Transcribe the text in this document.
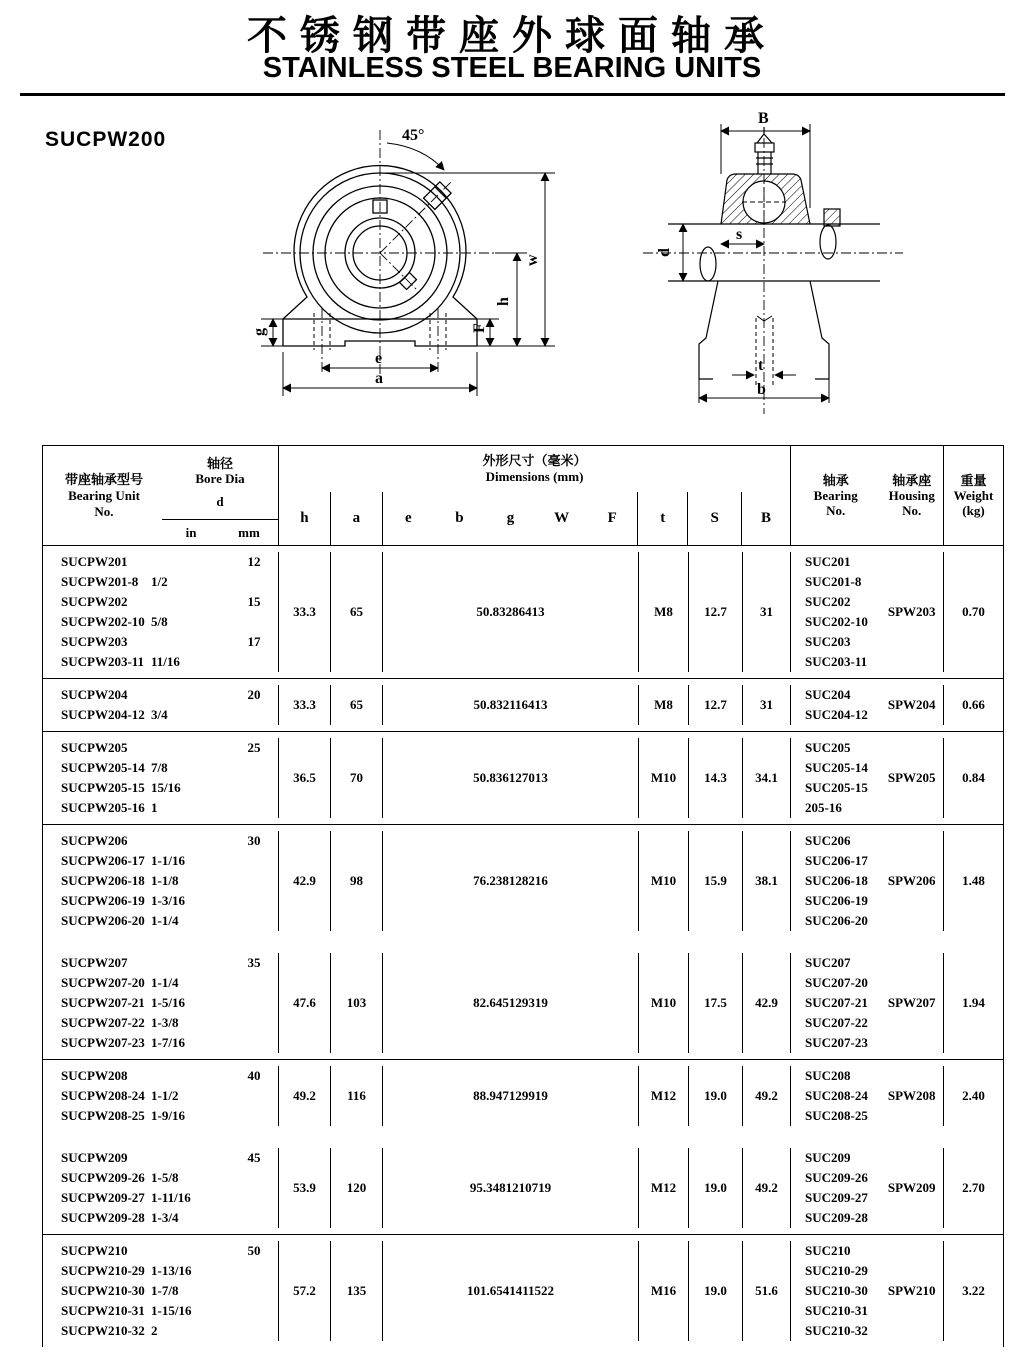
不锈钢带座外球面轴承
STAINLESS STEEL BEARING UNITS
SUCPW200	45°
w
h
F
g
e
a
B
d
s
t
b
带座轴承型号
Bearing Unit
No.
轴径
Bore Dia
d
in	mm
外形尺寸（毫米）
Dimensions (mm)
h	a	e	b	g	W	F	t	S	B
轴承
Bearing
No.
轴承座
Housing
No.
重量
Weight
(kg)
SUCPW201	12
SUCPW201-8 1/2
SUCPW202	15
SUCPW202-10 5/8
SUCPW203	17
SUCPW203-11 11/16
33.3	65	50.8 32 8 64 13	M8	12.7	31
SUC201
SUC201-8
SUC202
SUC202-10
SUC203
SUC203-11
SPW203	0.70
SUCPW204	20
SUCPW204-12 3/4
33.3	65	50.8 32 11 64 13	M8	12.7	31
SUC204
SUC204-12
SPW204	0.66
SUCPW205	25
SUCPW205-14 7/8
SUCPW205-15 15/16
SUCPW205-16 1
36.5	70	50.8 36 12 70 13	M10	14.3	34.1
SUC205
SUC205-14
SUC205-15
205-16
SPW205	0.84
SUCPW206	30
SUCPW206-17 1-1/16
SUCPW206-18 1-1/8
SUCPW206-19 1-3/16
SUCPW206-20 1-1/4
42.9	98	76.2 38 12 82 16	M10	15.9	38.1
SUC206
SUC206-17
SUC206-18
SUC206-19
SUC206-20
SPW206	1.48
SUCPW207	35
SUCPW207-20 1-1/4
SUCPW207-21 1-5/16
SUCPW207-22 1-3/8
SUCPW207-23 1-7/16
47.6	103	82.6 45 12 93 19	M10	17.5	42.9
SUC207
SUC207-20
SUC207-21
SUC207-22
SUC207-23
SPW207	1.94
SUCPW208	40
SUCPW208-24 1-1/2
SUCPW208-25 1-9/16
49.2	116	88.9 47 12 99 19	M12	19.0	49.2
SUC208
SUC208-24
SUC208-25
SPW208	2.40
SUCPW209	45
SUCPW209-26 1-5/8
SUCPW209-27 1-11/16
SUCPW209-28 1-3/4
53.9	120	95.3 48 12 107 19	M12	19.0	49.2
SUC209
SUC209-26
SUC209-27
SUC209-28
SPW209	2.70
SUCPW210	50
SUCPW210-29 1-13/16
SUCPW210-30 1-7/8
SUCPW210-31 1-15/16
SUCPW210-32 2
57.2	135	101.6 54 14 115 22	M16	19.0	51.6
SUC210
SUC210-29
SUC210-30
SUC210-31
SUC210-32
SPW210	3.22
